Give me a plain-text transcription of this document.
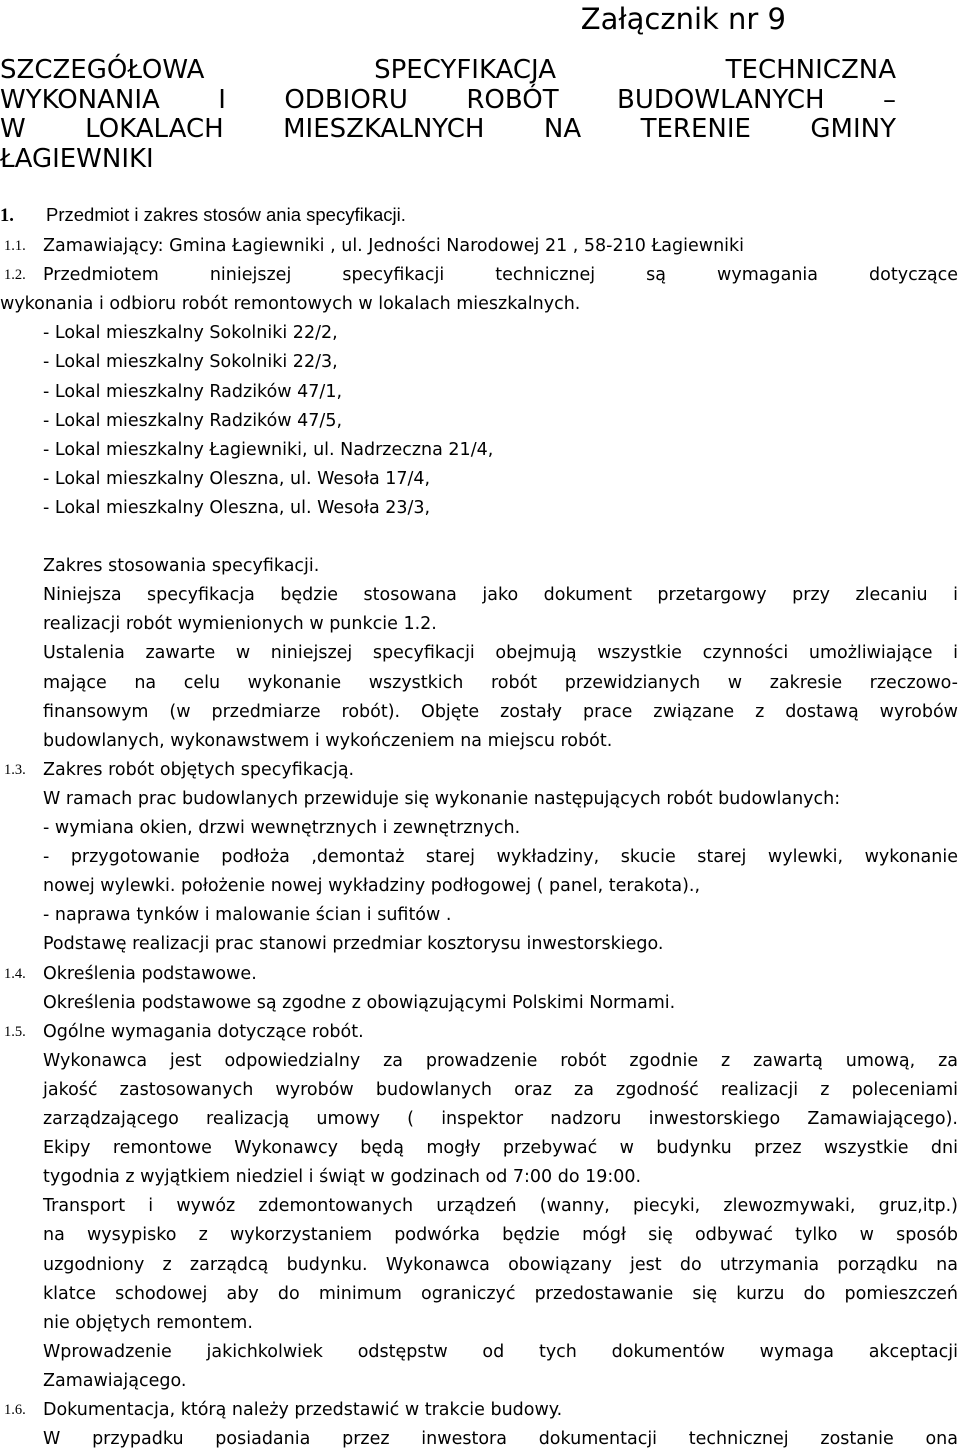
Załącznik nr 9
SZCZEGÓŁOWA	SPECYFIKACJA	TECHNICZNA
WYKONANIA I ODBIORU ROBÓT BUDOWLANYCH –
W LOKALACH MIESZKALNYCH NA TERENIE GMINY
ŁAGIEWNIKI
1. Przedmiot i zakres stosów ania specyfikacji.
1.1. Zamawiający: Gmina Łagiewniki , ul. Jedności Narodowej 21 , 58-210 Łagiewniki
1.2. Przedmiotem niniejszej specyfikacji technicznej są wymagania dotyczące
wykonania i odbioru robót remontowych w lokalach mieszkalnych.
- Lokal mieszkalny Sokolniki 22/2,
- Lokal mieszkalny Sokolniki 22/3,
- Lokal mieszkalny Radzików 47/1,
- Lokal mieszkalny Radzików 47/5,
- Lokal mieszkalny Łagiewniki, ul. Nadrzeczna 21/4,
- Lokal mieszkalny Oleszna, ul. Wesoła 17/4,
- Lokal mieszkalny Oleszna, ul. Wesoła 23/3,
Zakres stosowania specyfikacji.
Niniejsza specyfikacja będzie stosowana jako dokument przetargowy przy zlecaniu i
realizacji robót wymienionych w punkcie 1.2.
Ustalenia zawarte w niniejszej specyfikacji obejmują wszystkie czynności umożliwiające i
mające na celu wykonanie wszystkich robót przewidzianych w zakresie rzeczowo-
finansowym (w przedmiarze robót). Objęte zostały prace związane z dostawą wyrobów
budowlanych, wykonawstwem i wykończeniem na miejscu robót.
1.3. Zakres robót objętych specyfikacją.
W ramach prac budowlanych przewiduje się wykonanie następujących robót budowlanych:
- wymiana okien, drzwi wewnętrznych i zewnętrznych.
- przygotowanie podłoża ,demontaż starej wykładziny, skucie starej wylewki, wykonanie
nowej wylewki. położenie nowej wykładziny podłogowej ( panel, terakota).,
- naprawa tynków i malowanie ścian i sufitów .
Podstawę realizacji prac stanowi przedmiar kosztorysu inwestorskiego.
1.4. Określenia podstawowe.
Określenia podstawowe są zgodne z obowiązującymi Polskimi Normami.
1.5. Ogólne wymagania dotyczące robót.
Wykonawca jest odpowiedzialny za prowadzenie robót zgodnie z zawartą umową, za
jakość zastosowanych wyrobów budowlanych oraz za zgodność realizacji z poleceniami
zarządzającego realizacją umowy ( inspektor nadzoru inwestorskiego Zamawiającego).
Ekipy remontowe Wykonawcy będą mogły przebywać w budynku przez wszystkie dni
tygodnia z wyjątkiem niedziel i świąt w godzinach od 7:00 do 19:00.
Transport i wywóz zdemontowanych urządzeń (wanny, piecyki, zlewozmywaki, gruz,itp.)
na wysypisko z wykorzystaniem podwórka będzie mógł się odbywać tylko w sposób
uzgodniony z zarządcą budynku. Wykonawca obowiązany jest do utrzymania porządku na
klatce schodowej aby do minimum ograniczyć przedostawanie się kurzu do pomieszczeń
nie objętych remontem.
Wprowadzenie jakichkolwiek odstępstw od tych dokumentów wymaga akceptacji
Zamawiającego.
1.6. Dokumentacja, którą należy przedstawić w trakcie budowy.
W przypadku posiadania przez inwestora dokumentacji technicznej zostanie ona
